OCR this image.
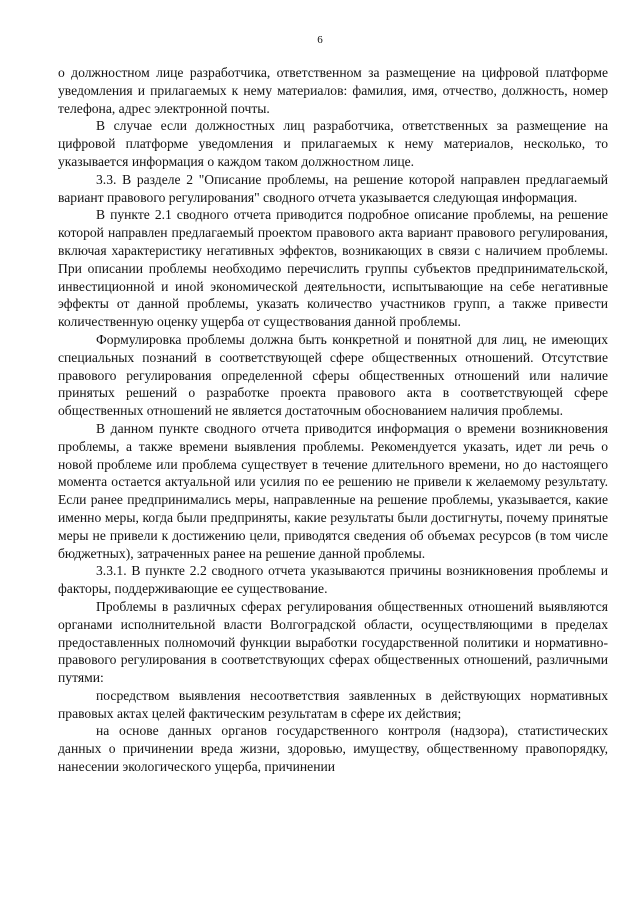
6

о должностном лице разработчика, ответственном за размещение на цифровой платформе уведомления и прилагаемых к нему материалов: фамилия, имя, отчество, должность, номер телефона, адрес электронной почты.

В случае если должностных лиц разработчика, ответственных за размещение на цифровой платформе уведомления и прилагаемых к нему материалов, несколько, то указывается информация о каждом таком должностном лице.

3.3. В разделе 2 "Описание проблемы, на решение которой направлен предлагаемый вариант правового регулирования" сводного отчета указывается следующая информация.

В пункте 2.1 сводного отчета приводится подробное описание проблемы, на решение которой направлен предлагаемый проектом правового акта вариант правового регулирования, включая характеристику негативных эффектов, возникающих в связи с наличием проблемы. При описании проблемы необходимо перечислить группы субъектов предпринимательской, инвестиционной и иной экономической деятельности, испытывающие на себе негативные эффекты от данной проблемы, указать количество участников групп, а также привести количественную оценку ущерба от существования данной проблемы.

Формулировка проблемы должна быть конкретной и понятной для лиц, не имеющих специальных познаний в соответствующей сфере общественных отношений. Отсутствие правового регулирования определенной сферы общественных отношений или наличие принятых решений о разработке проекта правового акта в соответствующей сфере общественных отношений не является достаточным обоснованием наличия проблемы.

В данном пункте сводного отчета приводится информация о времени возникновения проблемы, а также времени выявления проблемы. Рекомендуется указать, идет ли речь о новой проблеме или проблема существует в течение длительного времени, но до настоящего момента остается актуальной или усилия по ее решению не привели к желаемому результату. Если ранее предпринимались меры, направленные на решение проблемы, указывается, какие именно меры, когда были предприняты, какие результаты были достигнуты, почему принятые меры не привели к достижению цели, приводятся сведения об объемах ресурсов (в том числе бюджетных), затраченных ранее на решение данной проблемы.

3.3.1. В пункте 2.2 сводного отчета указываются причины возникновения проблемы и факторы, поддерживающие ее существование.

Проблемы в различных сферах регулирования общественных отношений выявляются органами исполнительной власти Волгоградской области, осуществляющими в пределах предоставленных полномочий функции выработки государственной политики и нормативно-правового регулирования в соответствующих сферах общественных отношений, различными путями:

посредством выявления несоответствия заявленных в действующих нормативных правовых актах целей фактическим результатам в сфере их действия;

на основе данных органов государственного контроля (надзора), статистических данных о причинении вреда жизни, здоровью, имуществу, общественному правопорядку, нанесении экологического ущерба, причинении
